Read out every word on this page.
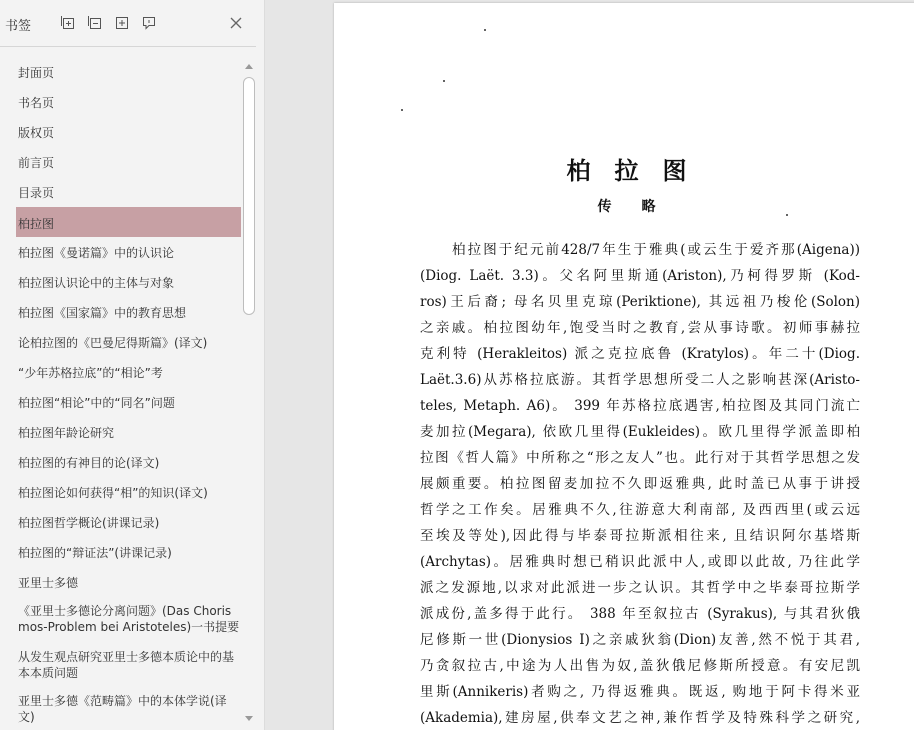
书签
封面页
书名页
版权页
前言页
目录页
柏拉图
柏拉图《曼诺篇》中的认识论
柏拉图认识论中的主体与对象
柏拉图《国家篇》中的教育思想
论柏拉图的《巴曼尼得斯篇》(译文)
“少年苏格拉底”的“相论”考
柏拉图“相论”中的“同名”问题
柏拉图年龄论研究
柏拉图的有神目的论(译文)
柏拉图论如何获得“相”的知识(译文)
柏拉图哲学概论(讲课记录)
柏拉图的“辩证法”(讲课记录)
亚里士多德
《亚里士多德论分离问题》(Das Chorismos-Problem bei Aristoteles)一书提要
从发生观点研究亚里士多德本质论中的基本本质问题
亚里士多德《范畴篇》中的本体学说(译文)
柏拉图
传略
柏拉图于纪元前428/7年生于雅典(或云生于爱齐那(Aigena))
(Diog. Laët. 3.3)。父名阿里斯通(Ariston),乃柯得罗斯 (Kod-
ros)王后裔; 母名贝里克琼(Periktione), 其远祖乃梭伦(Solon)
之亲戚。柏拉图幼年,饱受当时之教育,尝从事诗歌。初师事赫拉
克利特 (Herakleitos) 派之克拉底鲁 (Kratylos)。年二十(Diog.
Laët.3.6)从苏格拉底游。其哲学思想所受二人之影响甚深(Aristo-
teles, Metaph. A6)。 399 年苏格拉底遇害,柏拉图及其同门流亡
麦加拉(Megara), 依欧几里得(Eukleides)。欧几里得学派盖即柏
拉图《哲人篇》中所称之“形之友人”也。此行对于其哲学思想之发
展颇重要。柏拉图留麦加拉不久即返雅典, 此时盖已从事于讲授
哲学之工作矣。居雅典不久,往游意大利南部, 及西西里(或云远
至埃及等处),因此得与毕泰哥拉斯派相往来, 且结识阿尔基塔斯
(Archytas)。居雅典时想已稍识此派中人,或即以此故, 乃往此学
派之发源地,以求对此派进一步之认识。其哲学中之毕泰哥拉斯学
派成份,盖多得于此行。 388 年至叙拉古 (Syrakus), 与其君狄俄
尼修斯一世(Dionysios I)之亲戚狄翁(Dion)友善,然不悦于其君,
乃贪叙拉古,中途为人出售为奴,盖狄俄尼修斯所授意。有安尼凯
里斯(Annikeris)者购之, 乃得返雅典。既返, 购地于阿卡得米亚
(Akademia),建房屋,供奉文艺之神,兼作哲学及特殊科学之研究,
